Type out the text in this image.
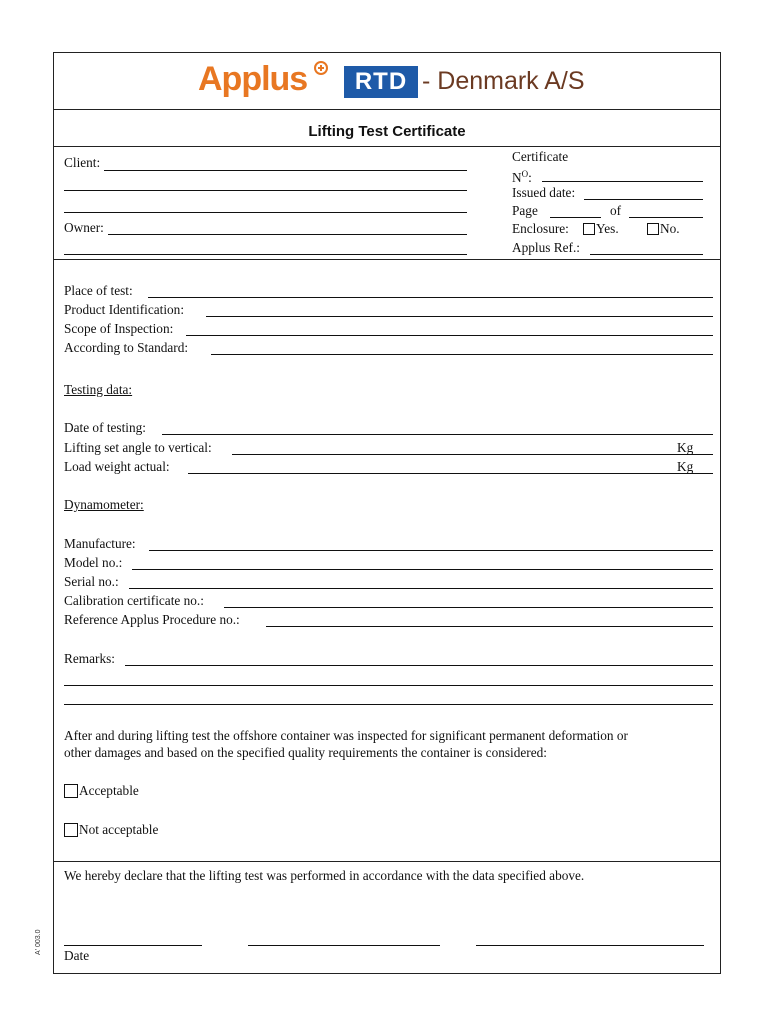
Applus	RTD - Denmark A/S
Lifting Test Certificate
Client:
Owner:
Certificate
$N^O$:
Issued date:
Page	of
Enclosure:	Yes.	No.
Applus Ref.:
Place of test:
Product Identification:
Scope of Inspection:
According to Standard:
Testing data:
Date of testing:
Lifting set angle to vertical:	Kg
Load weight actual:	Kg
Dynamometer:
Manufacture:
Model no.:
Serial no.:
Calibration certificate no.:
Reference Applus Procedure no.:
Remarks:
After and during lifting test the offshore container was inspected for significant permanent deformation or
other damages and based on the specified quality requirements the container is considered:
Acceptable
Not acceptable
We hereby declare that the lifting test was performed in accordance with the data specified above.
Date
A' 003.0
